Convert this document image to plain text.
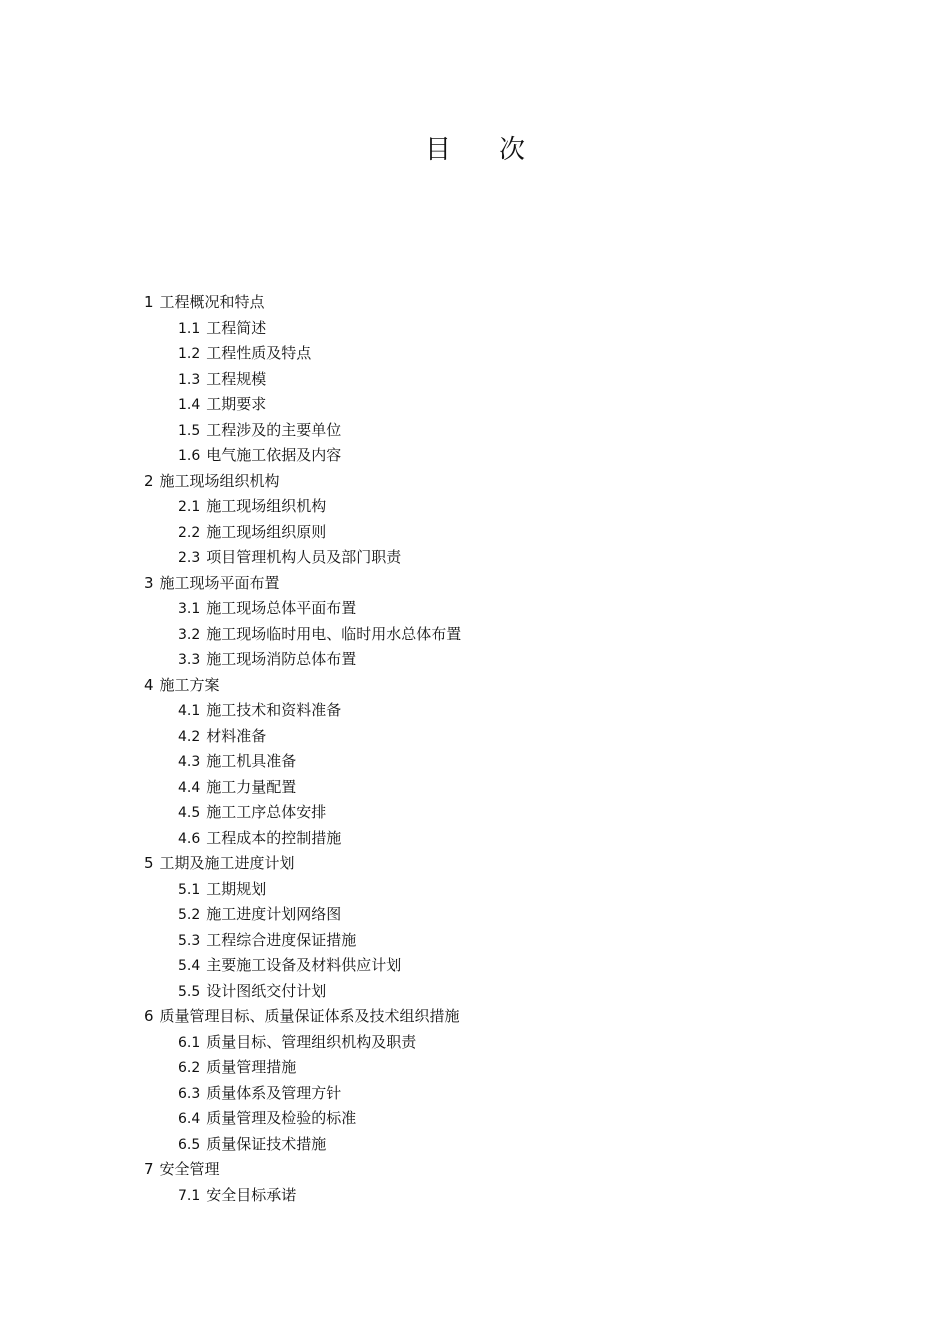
目 次
1 工程概况和特点
1.1 工程简述
1.2 工程性质及特点
1.3 工程规模
1.4 工期要求
1.5 工程涉及的主要单位
1.6 电气施工依据及内容
2 施工现场组织机构
2.1 施工现场组织机构
2.2 施工现场组织原则
2.3 项目管理机构人员及部门职责
3 施工现场平面布置
3.1 施工现场总体平面布置
3.2 施工现场临时用电、临时用水总体布置
3.3 施工现场消防总体布置
4 施工方案
4.1 施工技术和资料准备
4.2 材料准备
4.3 施工机具准备
4.4 施工力量配置
4.5 施工工序总体安排
4.6 工程成本的控制措施
5 工期及施工进度计划
5.1 工期规划
5.2 施工进度计划网络图
5.3 工程综合进度保证措施
5.4 主要施工设备及材料供应计划
5.5 设计图纸交付计划
6 质量管理目标、质量保证体系及技术组织措施
6.1 质量目标、管理组织机构及职责
6.2 质量管理措施
6.3 质量体系及管理方针
6.4 质量管理及检验的标准
6.5 质量保证技术措施
7 安全管理
7.1 安全目标承诺
